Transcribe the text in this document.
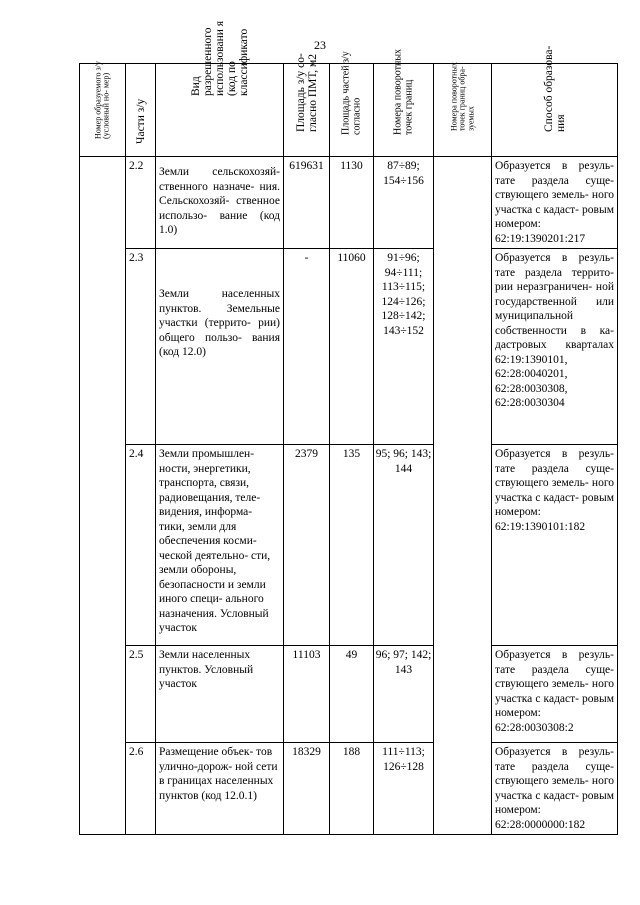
23
Номер образуемого з/у (условный но- мер)	Части з/у	Вид разрешенного использовани я (код по классификато	Площадь з/у со- гласно ПМТ, м2	Площадь частей з/у согласно	Номера поворотных точек границ	Номера поворотных точек границ обра- зуемых	Способ образова- ния

	2.2	Земли сельскохозяй- ственного назначе- ния. Сельскохозяй- ственное использо- вание (код 1.0)	619631	1130	87÷89; 154÷156		Образуется в резуль- тате раздела суще- ствующего земель- ного участка с кадаст- ровым номером: 62:19:1390201:217
	2.3	Земли населенных пунктов. Земельные участки (террито- рии) общего пользо- вания (код 12.0)	-	11060	91÷96; 94÷111; 113÷115; 124÷126; 128÷142; 143÷152		Образуется в резуль- тате раздела террито- рии неразграничен- ной государственной или муниципальной собственности в ка- дастровых кварталах 62:19:1390101, 62:28:0040201, 62:28:0030308, 62:28:0030304
	2.4	Земли промышлен- ности, энергетики, транспорта, связи, радиовещания, теле- видения, информа- тики, земли для обеспечения косми- ческой деятельно- сти, земли обороны, безопасности и земли иного специ- ального назначения. Условный участок	2379	135	95; 96; 143; 144		Образуется в резуль- тате раздела суще- ствующего земель- ного участка с кадаст- ровым номером: 62:19:1390101:182
	2.5	Земли населенных пунктов. Условный участок	11103	49	96; 97; 142; 143		Образуется в резуль- тате раздела суще- ствующего земель- ного участка с кадаст- ровым номером: 62:28:0030308:2
	2.6	Размещение объек- тов улично-дорож- ной сети в границах населенных пунктов (код 12.0.1)	18329	188	111÷113; 126÷128		Образуется в резуль- тате раздела суще- ствующего земель- ного участка с кадаст- ровым номером: 62:28:0000000:182
